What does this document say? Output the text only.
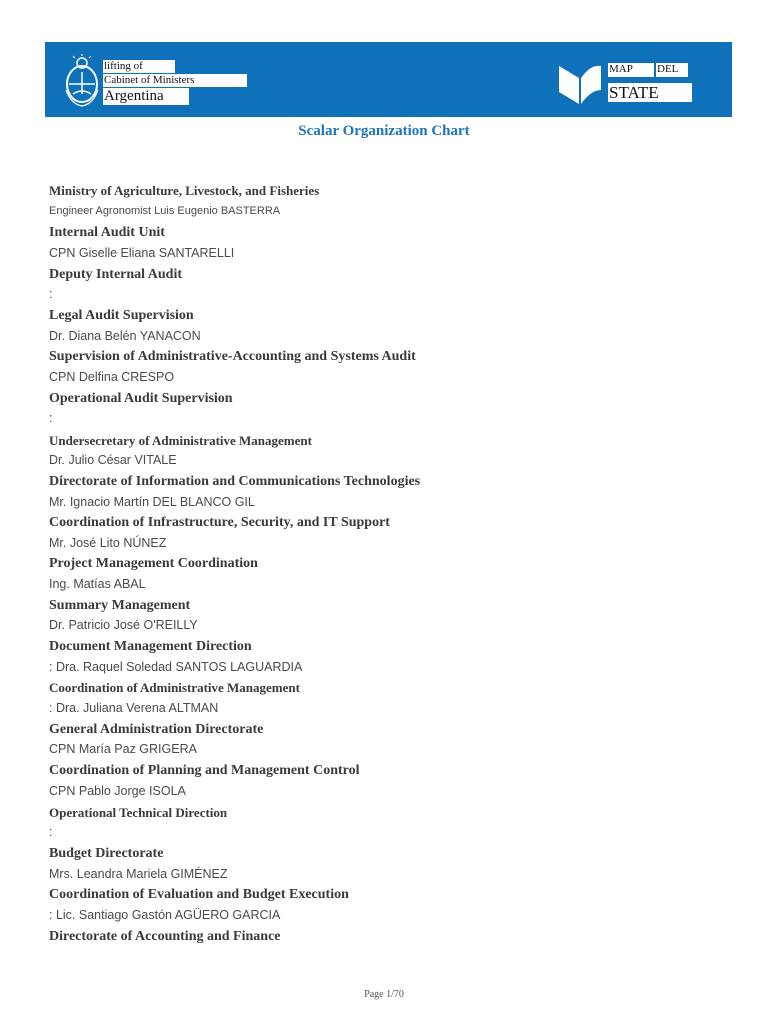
lifting of
Cabinet of Ministers
Argentina
MAP	DEL
STATE
Scalar Organization Chart
Ministry of Agriculture, Livestock, and Fisheries
Engineer Agronomist Luis Eugenio BASTERRA
Internal Audit Unit
CPN Giselle Eliana SANTARELLI
Deputy Internal Audit
:
Legal Audit Supervision
Dr. Diana Belén YANACON
Supervision of Administrative-Accounting and Systems Audit
CPN Delfina CRESPO
Operational Audit Supervision
:
Undersecretary of Administrative Management
Dr. Julio César VITALE
Directorate of Information and Communications Technologies
Mr. Ignacio Martín DEL BLANCO GIL
Coordination of Infrastructure, Security, and IT Support
Mr. José Lito NÚNEZ
Project Management Coordination
Ing. Matías ABAL
Summary Management
Dr. Patricio José O'REILLY
Document Management Direction
: Dra. Raquel Soledad SANTOS LAGUARDIA
Coordination of Administrative Management
: Dra. Juliana Verena ALTMAN
General Administration Directorate
CPN María Paz GRIGERA
Coordination of Planning and Management Control
CPN Pablo Jorge ISOLA
Operational Technical Direction
:
Budget Directorate
Mrs. Leandra Mariela GIMÉNEZ
Coordination of Evaluation and Budget Execution
: Lic. Santiago Gastón AGÜERO GARCIA
Directorate of Accounting and Finance
Page 1/70
